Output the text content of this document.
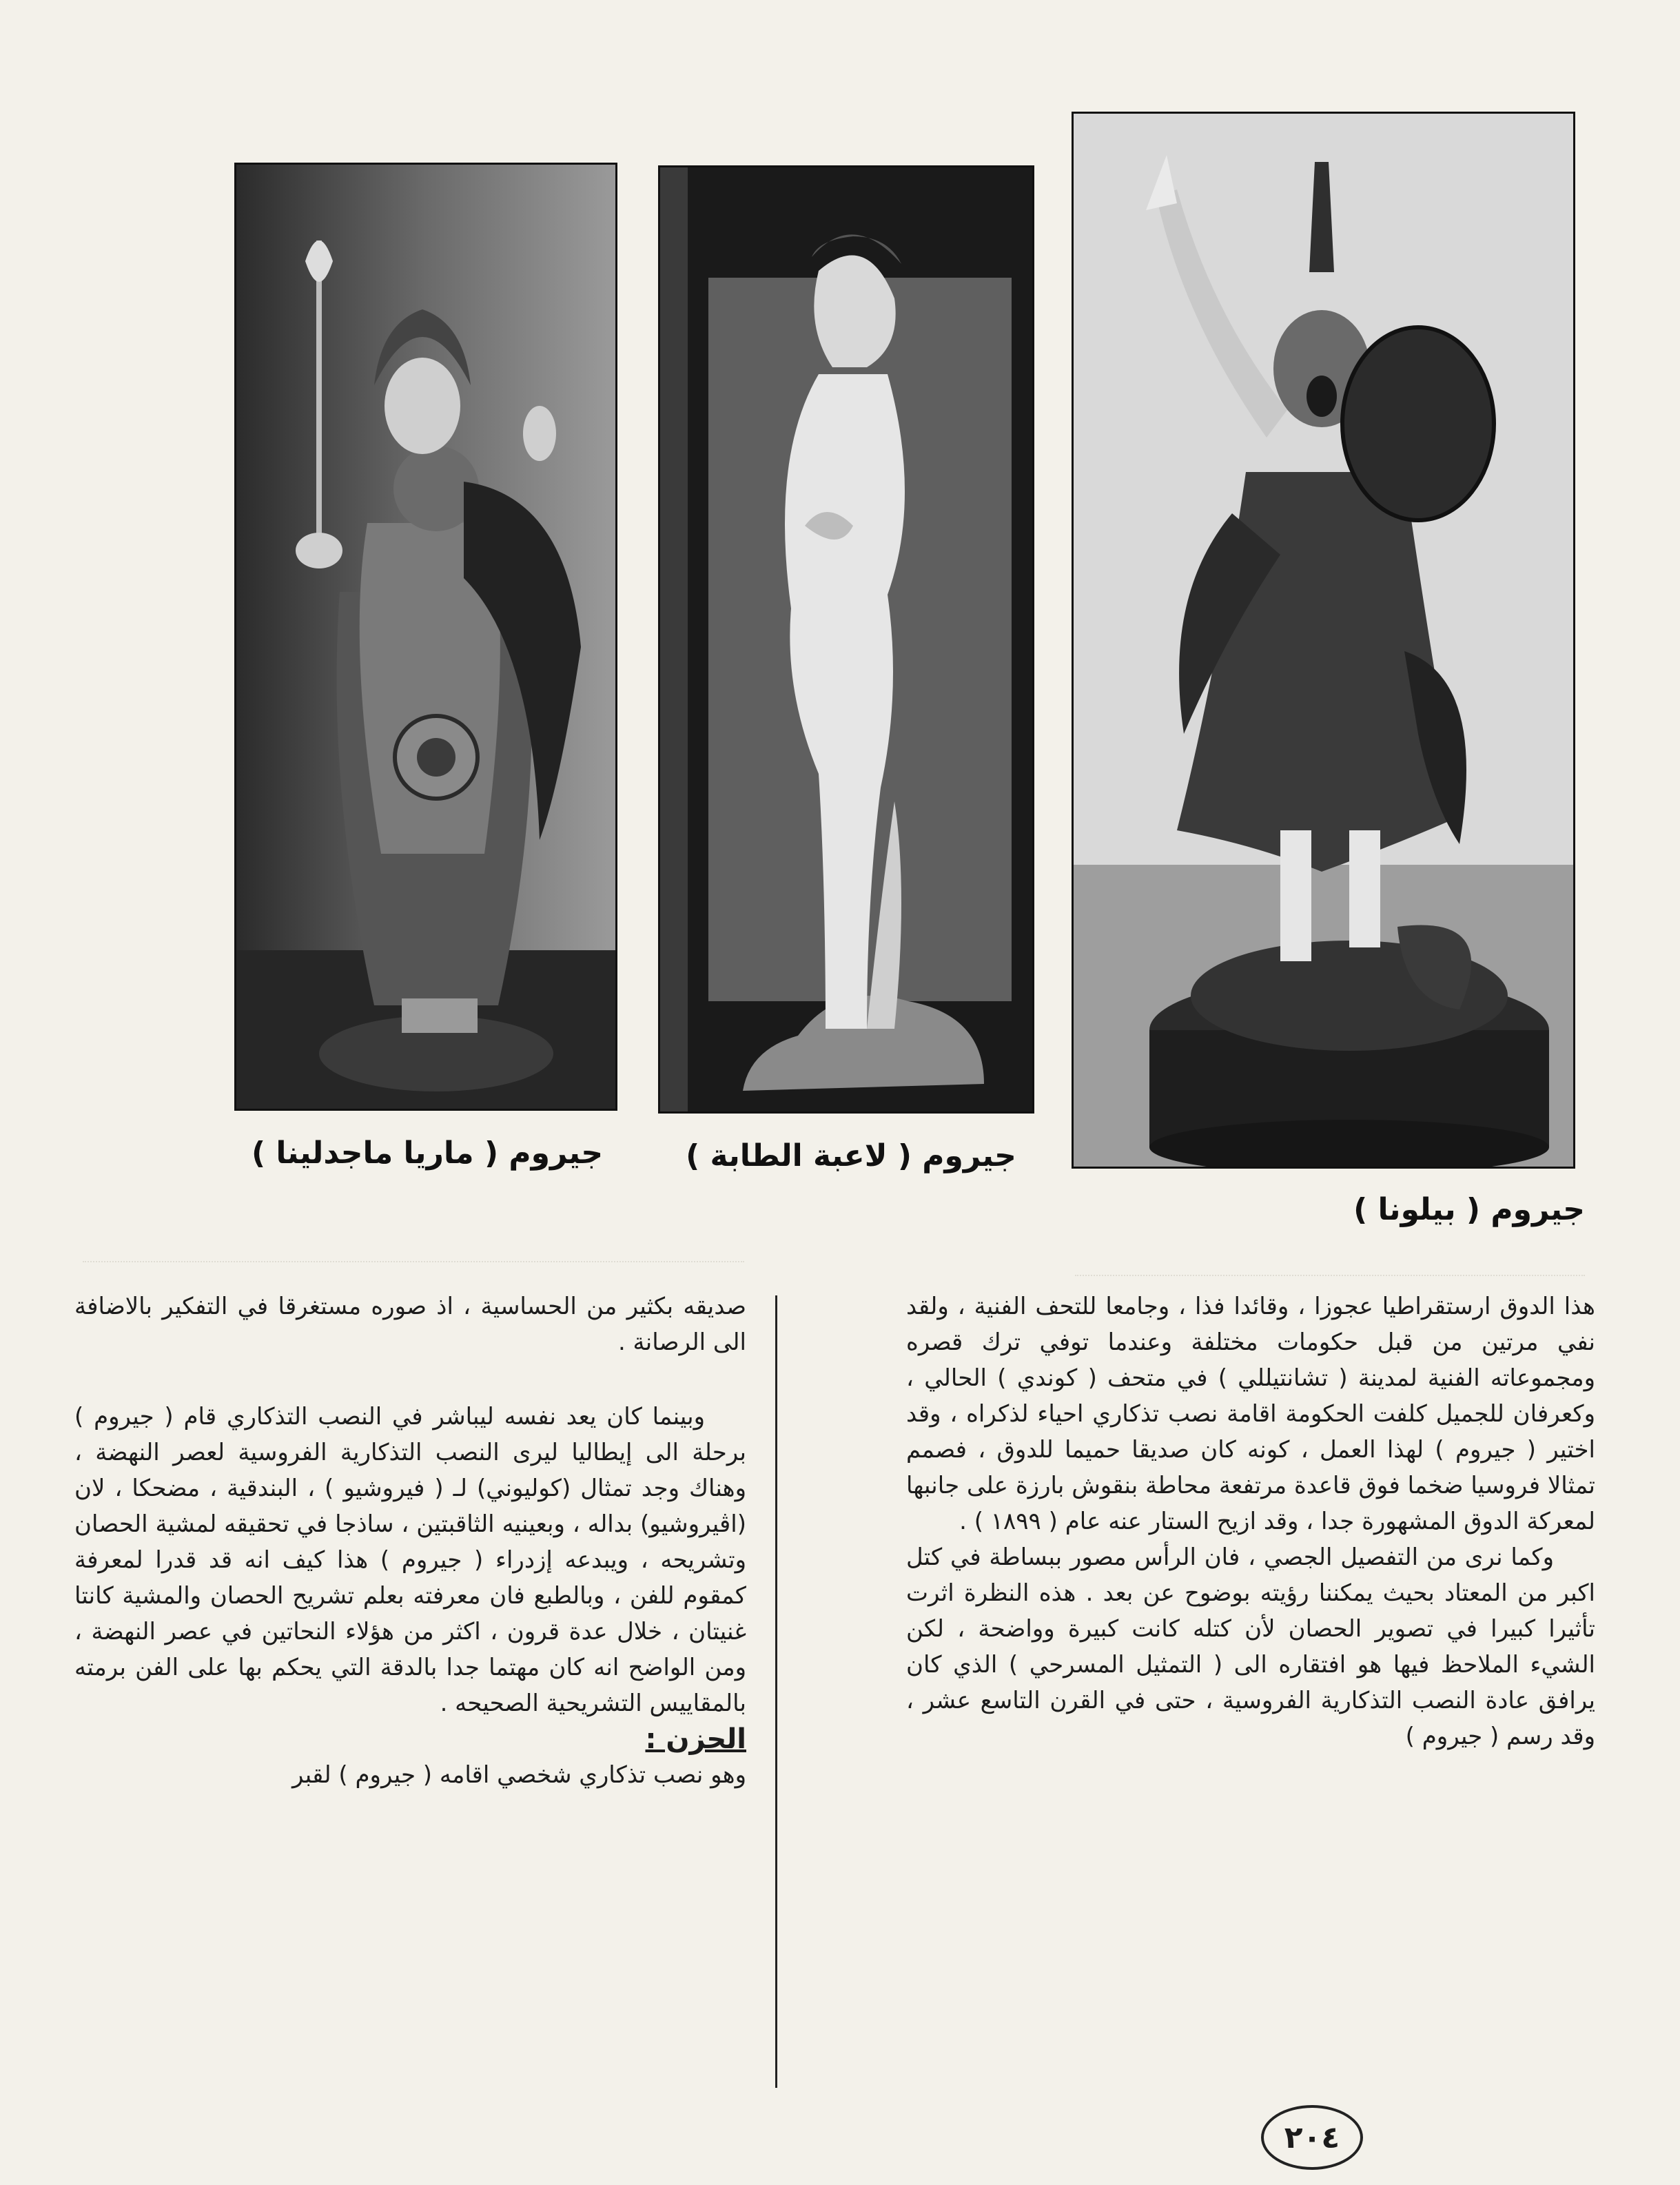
جيروم ( ماريا ماجدلينا )	جيروم ( لاعبة الطابة )
جيروم ( بيلونا )

هذا الدوق ارستقراطيا عجوزا ، وقائدا فذا ، وجامعا للتحف الفنية ، ولقد نفي مرتين من قبل حكومات مختلفة وعندما توفي ترك قصره ومجموعاته الفنية لمدينة ( تشانتيللي ) في متحف ( كوندي ) الحالي ، وكعرفان للجميل كلفت الحكومة اقامة نصب تذكاري احياء لذكراه ، وقد اختير ( جيروم ) لهذا العمل ، كونه كان صديقا حميما للدوق ، فصمم تمثالا فروسيا ضخما فوق قاعدة مرتفعة محاطة بنقوش بارزة على جانبها لمعركة الدوق المشهورة جدا ، وقد ازيح الستار عنه عام ( ١٨٩٩ ) .

وكما نرى من التفصيل الجصي ، فان الرأس مصور ببساطة في كتل اكبر من المعتاد بحيث يمكننا رؤيته بوضوح عن بعد . هذه النظرة اثرت تأثيرا كبيرا في تصوير الحصان لأن كتله كانت كبيرة وواضحة ، لكن الشيء الملاحظ فيها هو افتقاره الى ( التمثيل المسرحي ) الذي كان يرافق عادة النصب التذكارية الفروسية ، حتى في القرن التاسع عشر ، وقد رسم ( جيروم )

صديقه بكثير من الحساسية ، اذ صوره مستغرقا في التفكير بالاضافة الى الرصانة .

وبينما كان يعد نفسه ليباشر في النصب التذكاري قام ( جيروم ) برحلة الى إيطاليا ليرى النصب التذكارية الفروسية لعصر النهضة ، وهناك وجد تمثال (كوليوني) لـ ( فيروشيو ) ، البندقية ، مضحكا ، لان (اڤيروشيو) بداله ، وبعينيه الثاقبتين ، ساذجا في تحقيقه لمشية الحصان وتشريحه ، ويبدعه إزدراء ( جيروم ) هذا كيف انه قد قدرا لمعرفة كمقوم للفن ، وبالطبع فان معرفته بعلم تشريح الحصان والمشية كانتا غنيتان ، خلال عدة قرون ، اكثر من هؤلاء النحاتين في عصر النهضة ، ومن الواضح انه كان مهتما جدا بالدقة التي يحكم بها على الفن برمته بالمقاييس التشريحية الصحيحه .

الحزن :

وهو نصب تذكاري شخصي اقامه ( جيروم ) لقبر

٢٠٤
